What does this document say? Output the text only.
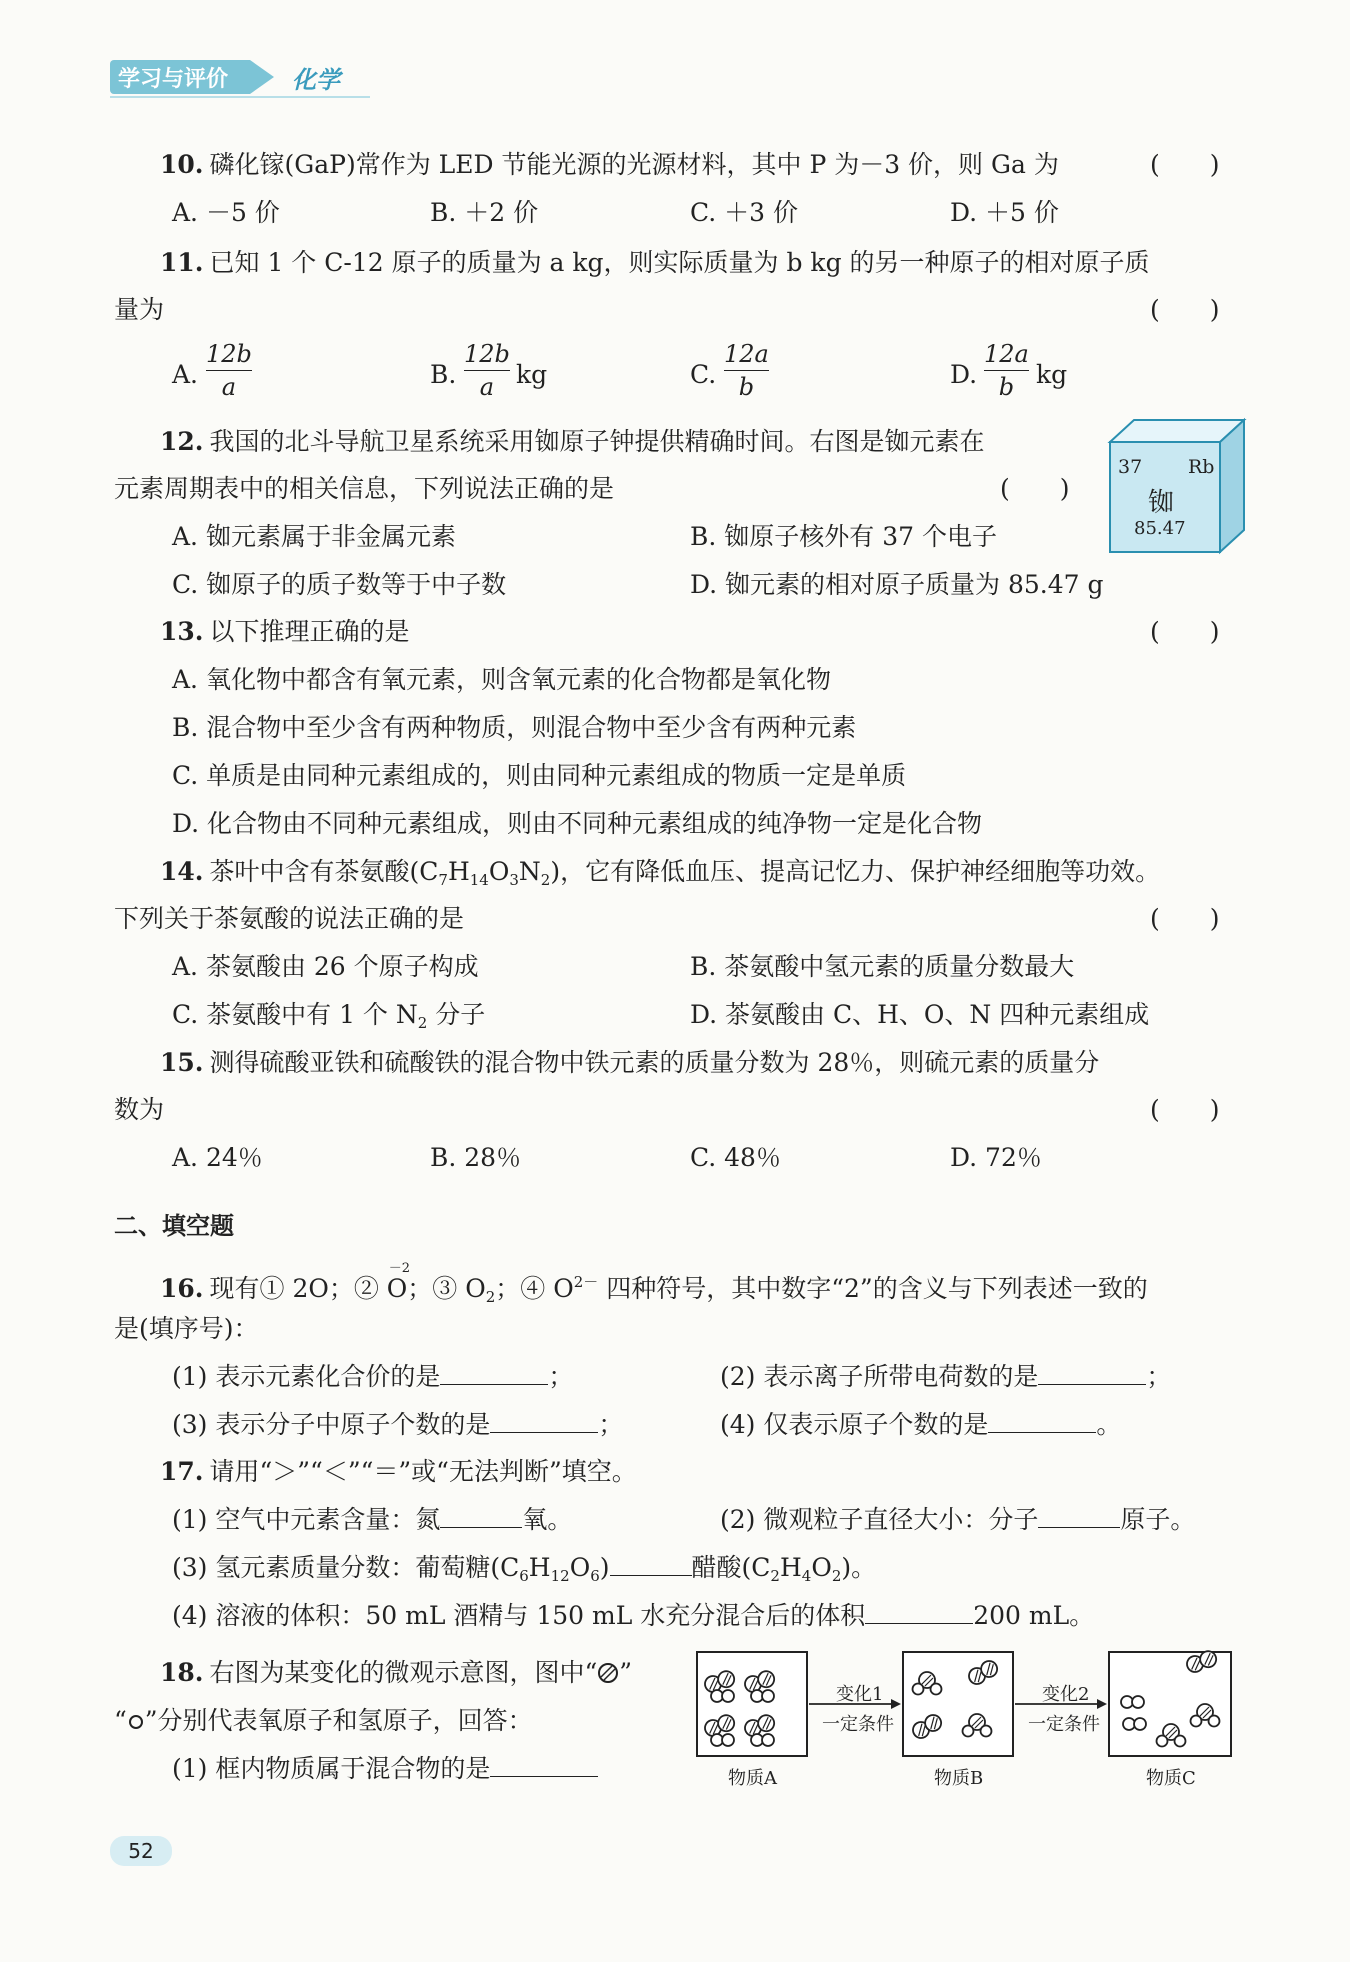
学习与评价	化学
10. 磷化镓(GaP)常作为 LED 节能光源的光源材料，其中 P 为－3 价，则 Ga 为	(　　)
A. －5 价	B. ＋2 价	C. ＋3 价	D. ＋5 价
11. 已知 1 个 C-12 原子的质量为 a kg，则实际质量为 b kg 的另一种原子的相对原子质
量为	(　　)
A.
12b
a	B.
12b
a kg	C.
12a
b	D.
12a
b kg
12. 我国的北斗导航卫星系统采用铷原子钟提供精确时间。右图是铷元素在
元素周期表中的相关信息，下列说法正确的是	(　　)
A. 铷元素属于非金属元素	B. 铷原子核外有 37 个电子
C. 铷原子的质子数等于中子数	D. 铷元素的相对原子质量为 85.47 g
37 Rb
铷
85.47
13. 以下推理正确的是	(　　)
A. 氧化物中都含有氧元素，则含氧元素的化合物都是氧化物
B. 混合物中至少含有两种物质，则混合物中至少含有两种元素
C. 单质是由同种元素组成的，则由同种元素组成的物质一定是单质
D. 化合物由不同种元素组成，则由不同种元素组成的纯净物一定是化合物
14. 茶叶中含有茶氨酸$(C_7H_{14}O_3N_2)$，它有降低血压、提高记忆力、保护神经细胞等功效。
下列关于茶氨酸的说法正确的是	(　　)
A. 茶氨酸由 26 个原子构成	B. 茶氨酸中氢元素的质量分数最大
C. 茶氨酸中有 1 个 $N_2$ 分子	D. 茶氨酸由 C、H、O、N 四种元素组成
15. 测得硫酸亚铁和硫酸铁的混合物中铁元素的质量分数为 28％，则硫元素的质量分
数为	(　　)
A. 24％	B. 28％	C. 48％	D. 72％
二、填空题
16. 现有① 2O；②
－2
O；③ $O_2$；④ $O^{2-}$ 四种符号，其中数字“2”的含义与下列表述一致的
是(填序号)：
(1) 表示元素化合价的是	；	(2) 表示离子所带电荷数的是	；
(3) 表示分子中原子个数的是	；	(4) 仅表示原子个数的是	。
17. 请用“＞”“＜”“＝”或“无法判断”填空。
(1) 空气中元素含量：氮	氧。	(2) 微观粒子直径大小：分子	原子。
(3) 氢元素质量分数：葡萄糖$(C_6H_{12}O_6)$	醋酸$(C_2H_4O_2)$。
(4) 溶液的体积：50 mL 酒精与 150 mL 水充分混合后的体积	200 mL。
18. 右图为某变化的微观示意图，图中“ ”
“ ”分别代表氧原子和氢原子，回答：
(1) 框内物质属于混合物的是
变化1
一定条件
变化2
一定条件
物质A	物质B	物质C
52
